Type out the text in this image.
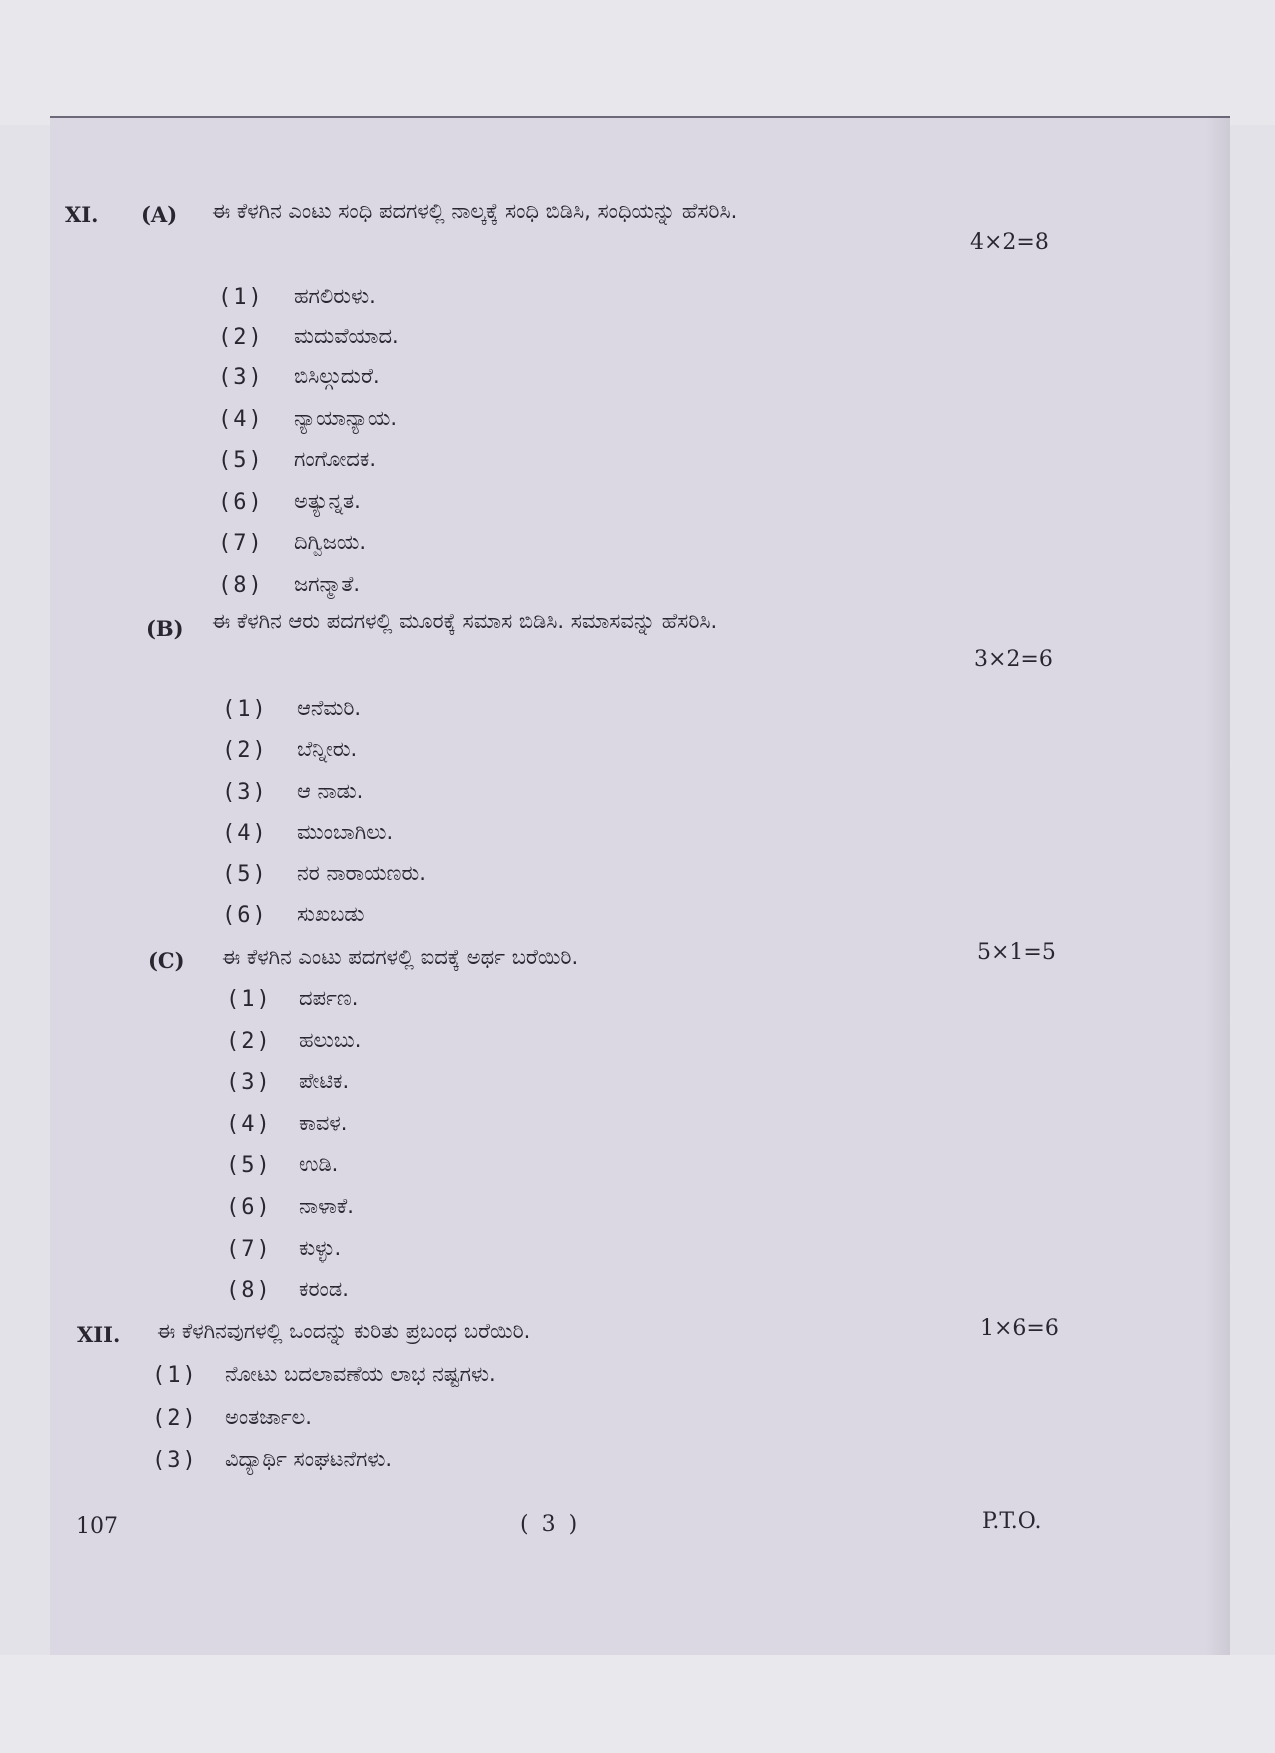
XI. (A) ಈ ಕೆಳಗಿನ ಎಂಟು ಸಂಧಿ ಪದಗಳಲ್ಲಿ ನಾಲ್ಕಕ್ಕೆ ಸಂಧಿ ಬಿಡಿಸಿ, ಸಂಧಿಯನ್ನು ಹೆಸರಿಸಿ.
4×2=8
(1) ಹಗಲಿರುಳು.
(2) ಮದುವೆಯಾದ.
(3) ಬಿಸಿಲ್ಗುದುರೆ.
(4) ನ್ಯಾಯಾನ್ಯಾಯ.
(5) ಗಂಗೋದಕ.
(6) ಅತ್ಯುನ್ನತ.
(7) ದಿಗ್ವಿಜಯ.
(8) ಜಗನ್ಮಾತೆ.
(B) ಈ ಕೆಳಗಿನ ಆರು ಪದಗಳಲ್ಲಿ ಮೂರಕ್ಕೆ ಸಮಾಸ ಬಿಡಿಸಿ. ಸಮಾಸವನ್ನು ಹೆಸರಿಸಿ.
3×2=6
(1) ಆನೆಮರಿ.
(2) ಬೆನ್ನೀರು.
(3) ಆ ನಾಡು.
(4) ಮುಂಬಾಗಿಲು.
(5) ನರ ನಾರಾಯಣರು.
(6) ಸುಖಬಡು
(C) ಈ ಕೆಳಗಿನ ಎಂಟು ಪದಗಳಲ್ಲಿ ಐದಕ್ಕೆ ಅರ್ಥ ಬರೆಯಿರಿ.	5×1=5
(1) ದರ್ಪಣ.
(2) ಹಲುಬು.
(3) ಪೇಟಿಕ.
(4) ಕಾವಳ.
(5) ಉಡಿ.
(6) ನಾಳಾಕೆ.
(7) ಕುಳ್ಳು.
(8) ಕರಂಡ.
XII. ಈ ಕೆಳಗಿನವುಗಳಲ್ಲಿ ಒಂದನ್ನು ಕುರಿತು ಪ್ರಬಂಧ ಬರೆಯಿರಿ.	1×6=6
(1) ನೋಟು ಬದಲಾವಣೆಯ ಲಾಭ ನಷ್ಟಗಳು.
(2) ಅಂತರ್ಜಾಲ.
(3) ವಿದ್ಯಾರ್ಥಿ ಸಂಘಟನೆಗಳು.
107	( 3 )	P.T.O.
